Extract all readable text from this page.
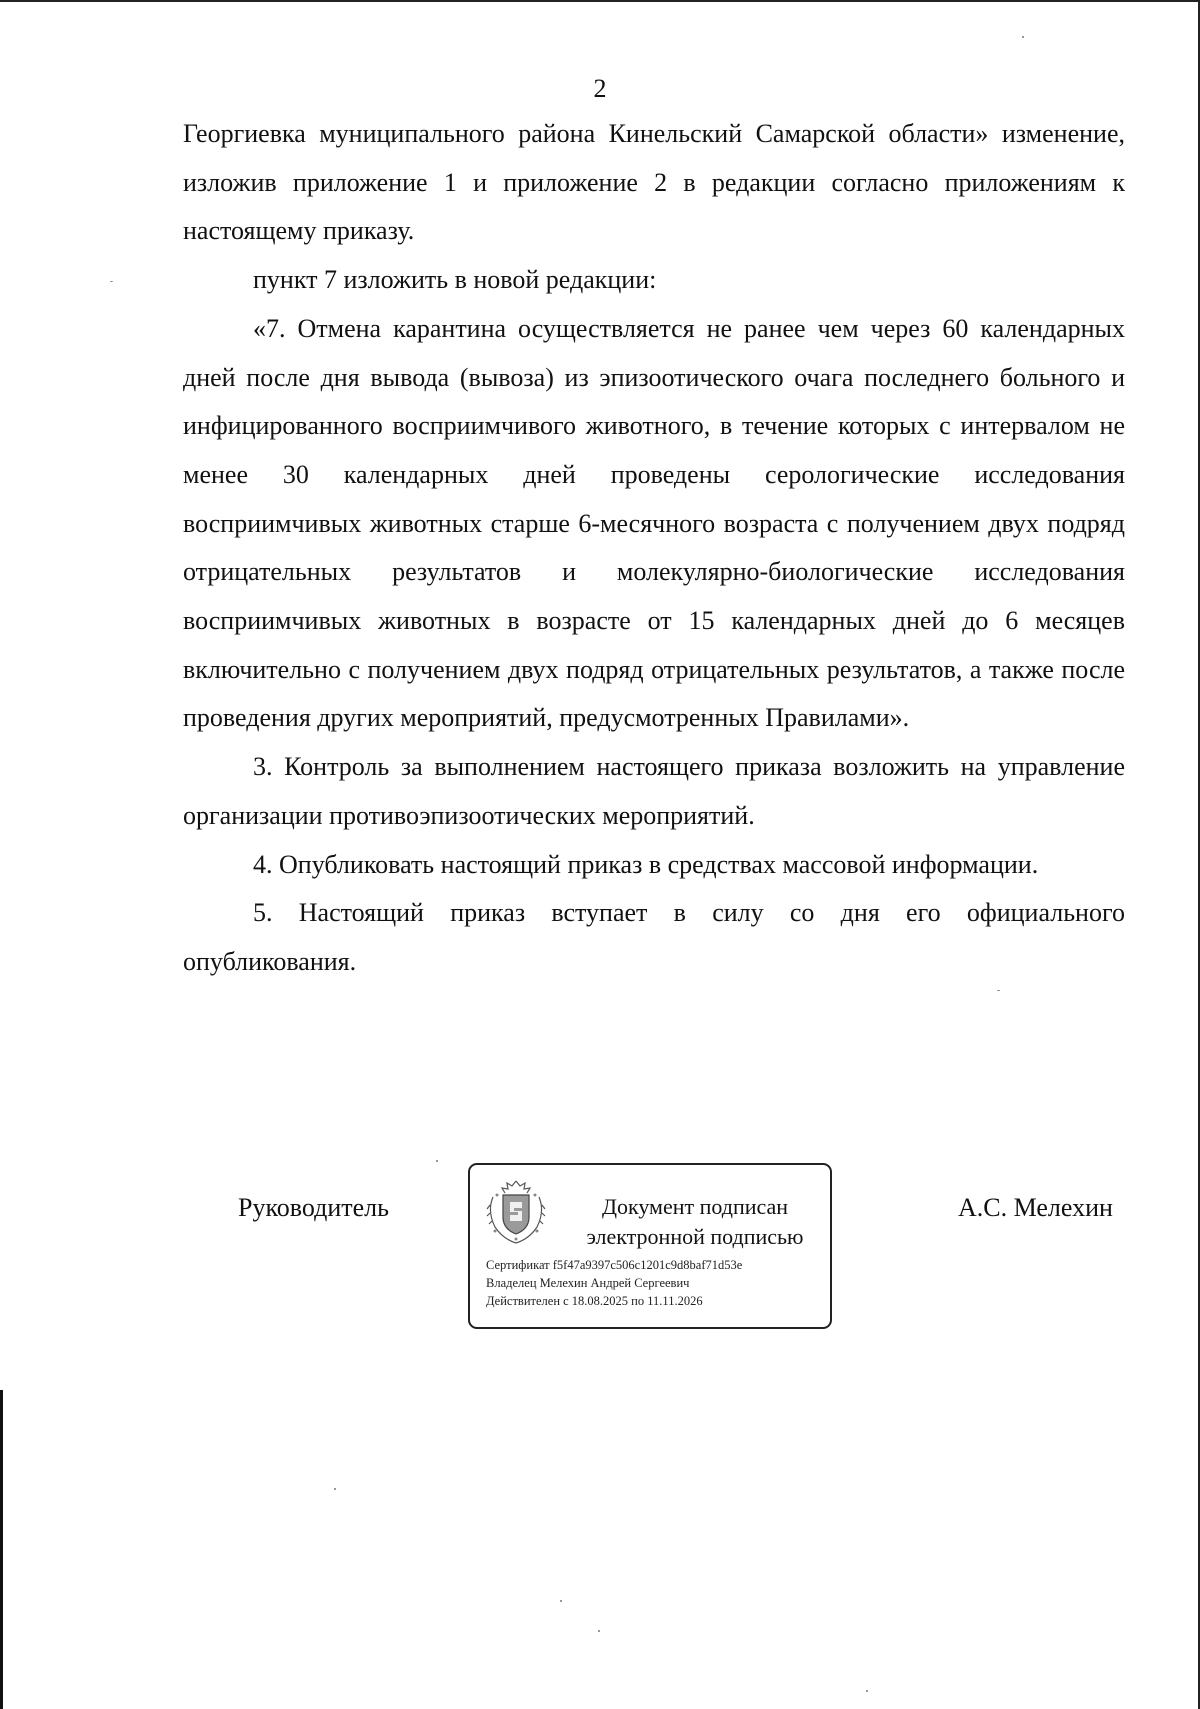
2

Георгиевка муниципального района Кинельский Самарской области» изменение, изложив приложение 1 и приложение 2 в редакции согласно приложениям к настоящему приказу.

пункт 7 изложить в новой редакции:

«7. Отмена карантина осуществляется не ранее чем через 60 календарных дней после дня вывода (вывоза) из эпизоотического очага последнего больного и инфицированного восприимчивого животного, в течение которых с интервалом не менее 30 календарных дней проведены серологические исследования восприимчивых животных старше 6-месячного возраста с получением двух подряд отрицательных результатов и молекулярно-биологические исследования восприимчивых животных в возрасте от 15 календарных дней до 6 месяцев включительно с получением двух подряд отрицательных результатов, а также после проведения других мероприятий, предусмотренных Правилами».

3. Контроль за выполнением настоящего приказа возложить на управление организации противоэпизоотических мероприятий.

4. Опубликовать настоящий приказ в средствах массовой информации.

5. Настоящий приказ вступает в силу со дня его официального опубликования.

Руководитель	Документ подписан
электронной подписью
Сертификат f5f47a9397c506c1201c9d8baf71d53e
Владелец Мелехин Андрей Сергеевич
Действителен с 18.08.2025 по 11.11.2026
А.С. Мелехин
